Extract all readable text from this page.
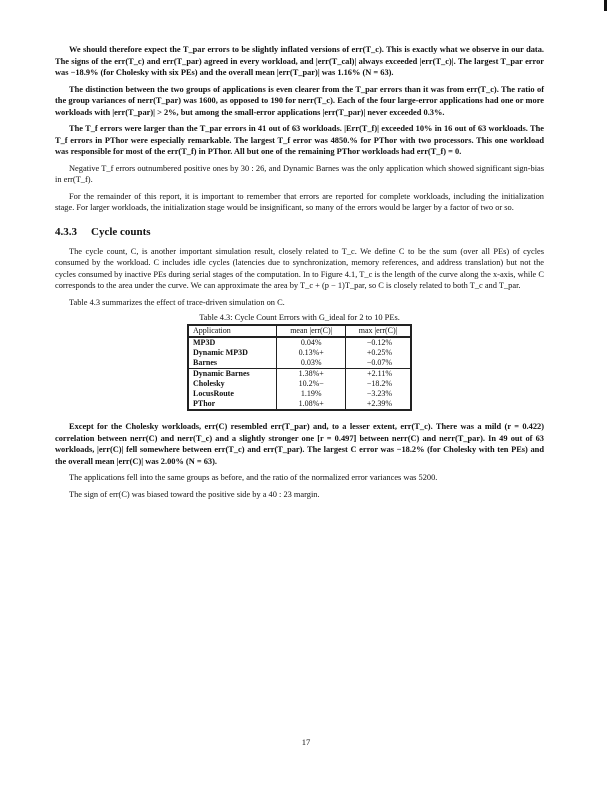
We should therefore expect the T_par errors to be slightly inflated versions of err(T_c). This is exactly what we observe in our data. The signs of the err(T_c) and err(T_par) agreed in every workload, and |err(T_cal)| always exceeded |err(T_c)|. The largest T_par error was −18.9% (for Cholesky with six PEs) and the overall mean |err(T_par)| was 1.16% (N = 63).

The distinction between the two groups of applications is even clearer from the T_par errors than it was from err(T_c). The ratio of the group variances of nerr(T_par) was 1600, as opposed to 190 for nerr(T_c). Each of the four large-error applications had one or more workloads with |err(T_par)| > 2%, but among the small-error applications |err(T_par)| never exceeded 0.3%.

The T_f errors were larger than the T_par errors in 41 out of 63 workloads. |Err(T_f)| exceeded 10% in 16 out of 63 workloads. The T_f errors in PThor were especially remarkable. The largest T_f error was 4850.% for PThor with two processors. This one workload was responsible for most of the err(T_f) in PThor. All but one of the remaining PThor workloads had err(T_f) = 0.

Negative T_f errors outnumbered positive ones by 30 : 26, and Dynamic Barnes was the only application which showed significant sign-bias in err(T_f).

For the remainder of this report, it is important to remember that errors are reported for complete workloads, including the initialization stage. For larger workloads, the initialization stage would be insignificant, so many of the errors would be larger by a factor of two or so.

4.3.3 Cycle counts

The cycle count, C, is another important simulation result, closely related to T_c. We define C to be the sum (over all PEs) of cycles consumed by the workload. C includes idle cycles (latencies due to synchronization, memory references, and address translation) but not the cycles consumed by inactive PEs during serial stages of the computation. In to Figure 4.1, T_c is the length of the curve along the x-axis, while C corresponds to the area under the curve. We can approximate the area by T_c + (p − 1)T_par, so C is closely related to both T_c and T_par.

Table 4.3 summarizes the effect of trace-driven simulation on C.

Table 4.3: Cycle Count Errors with G_ideal for 2 to 10 PEs.
Application	mean |err(C)|	max |err(C)|
MP3D	0.04%	−0.12%
Dynamic MP3D	0.13%+	+0.25%
Barnes	0.03%	−0.07%
Dynamic Barnes	1.38%+	+2.11%
Cholesky	10.2%−	−18.2%
LocusRoute	1.19%	−3.23%
PThor	1.08%+	+2.39%

Except for the Cholesky workloads, err(C) resembled err(T_par) and, to a lesser extent, err(T_c). There was a mild (r = 0.422) correlation between nerr(C) and nerr(T_c) and a slightly stronger one [r = 0.497] between nerr(C) and nerr(T_par). In 49 out of 63 workloads, |err(C)| fell somewhere between err(T_c) and err(T_par). The largest C error was −18.2% (for Cholesky with ten PEs) and the overall mean |err(C)| was 2.00% (N = 63).

The applications fell into the same groups as before, and the ratio of the normalized error variances was 5200.

The sign of err(C) was biased toward the positive side by a 40 : 23 margin.

17
